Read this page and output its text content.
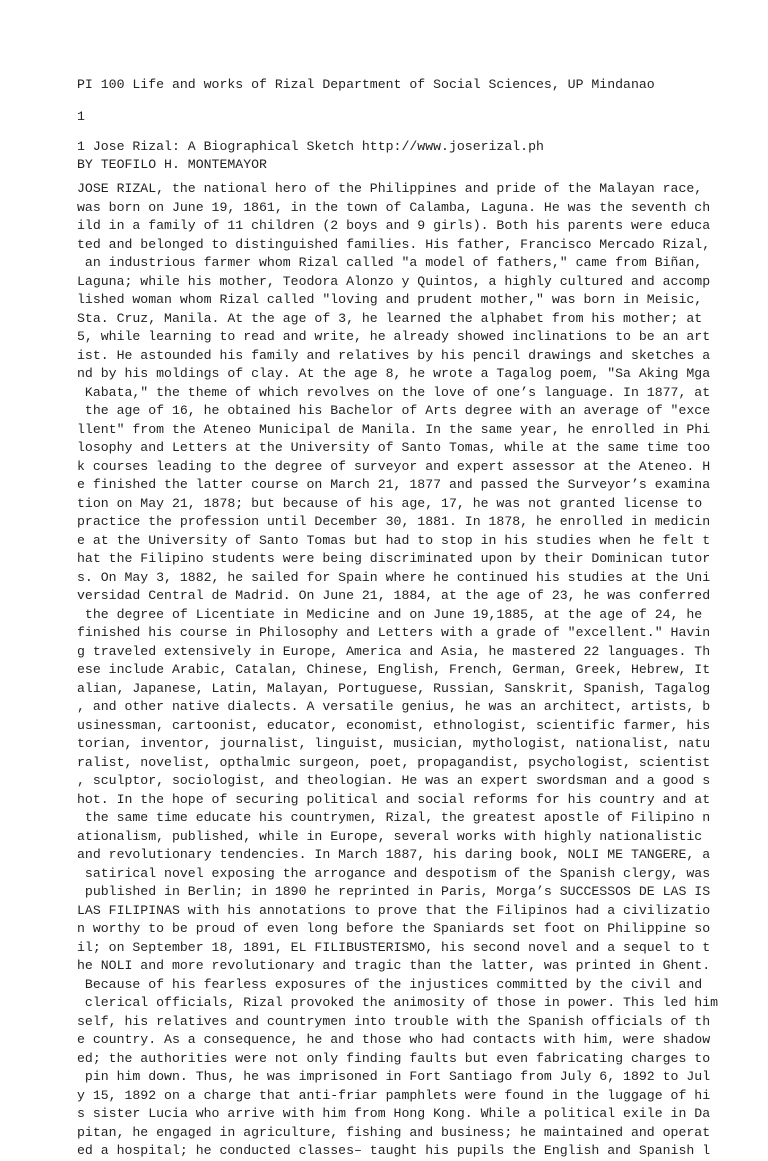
PI 100 Life and works of Rizal Department of Social Sciences, UP Mindanao
1
1 Jose Rizal: A Biographical Sketch http://www.joserizal.ph
BY TEOFILO H. MONTEMAYOR
JOSE RIZAL, the national hero of the Philippines and pride of the Malayan race,
was born on June 19, 1861, in the town of Calamba, Laguna. He was the seventh ch
ild in a family of 11 children (2 boys and 9 girls). Both his parents were educa
ted and belonged to distinguished families. His father, Francisco Mercado Rizal,
an industrious farmer whom Rizal called "a model of fathers," came from Biñan,
Laguna; while his mother, Teodora Alonzo y Quintos, a highly cultured and accomp
lished woman whom Rizal called "loving and prudent mother," was born in Meisic,
Sta. Cruz, Manila. At the age of 3, he learned the alphabet from his mother; at
5, while learning to read and write, he already showed inclinations to be an art
ist. He astounded his family and relatives by his pencil drawings and sketches a
nd by his moldings of clay. At the age 8, he wrote a Tagalog poem, "Sa Aking Mga
Kabata," the theme of which revolves on the love of one’s language. In 1877, at
the age of 16, he obtained his Bachelor of Arts degree with an average of "exce
llent" from the Ateneo Municipal de Manila. In the same year, he enrolled in Phi
losophy and Letters at the University of Santo Tomas, while at the same time too
k courses leading to the degree of surveyor and expert assessor at the Ateneo. H
e finished the latter course on March 21, 1877 and passed the Surveyor’s examina
tion on May 21, 1878; but because of his age, 17, he was not granted license to
practice the profession until December 30, 1881. In 1878, he enrolled in medicin
e at the University of Santo Tomas but had to stop in his studies when he felt t
hat the Filipino students were being discriminated upon by their Dominican tutor
s. On May 3, 1882, he sailed for Spain where he continued his studies at the Uni
versidad Central de Madrid. On June 21, 1884, at the age of 23, he was conferred
the degree of Licentiate in Medicine and on June 19,1885, at the age of 24, he
finished his course in Philosophy and Letters with a grade of "excellent." Havin
g traveled extensively in Europe, America and Asia, he mastered 22 languages. Th
ese include Arabic, Catalan, Chinese, English, French, German, Greek, Hebrew, It
alian, Japanese, Latin, Malayan, Portuguese, Russian, Sanskrit, Spanish, Tagalog
, and other native dialects. A versatile genius, he was an architect, artists, b
usinessman, cartoonist, educator, economist, ethnologist, scientific farmer, his
torian, inventor, journalist, linguist, musician, mythologist, nationalist, natu
ralist, novelist, opthalmic surgeon, poet, propagandist, psychologist, scientist
, sculptor, sociologist, and theologian. He was an expert swordsman and a good s
hot. In the hope of securing political and social reforms for his country and at
the same time educate his countrymen, Rizal, the greatest apostle of Filipino n
ationalism, published, while in Europe, several works with highly nationalistic
and revolutionary tendencies. In March 1887, his daring book, NOLI ME TANGERE, a
satirical novel exposing the arrogance and despotism of the Spanish clergy, was
published in Berlin; in 1890 he reprinted in Paris, Morga’s SUCCESSOS DE LAS IS
LAS FILIPINAS with his annotations to prove that the Filipinos had a civilizatio
n worthy to be proud of even long before the Spaniards set foot on Philippine so
il; on September 18, 1891, EL FILIBUSTERISMO, his second novel and a sequel to t
he NOLI and more revolutionary and tragic than the latter, was printed in Ghent.
Because of his fearless exposures of the injustices committed by the civil and
clerical officials, Rizal provoked the animosity of those in power. This led him
self, his relatives and countrymen into trouble with the Spanish officials of th
e country. As a consequence, he and those who had contacts with him, were shadow
ed; the authorities were not only finding faults but even fabricating charges to
pin him down. Thus, he was imprisoned in Fort Santiago from July 6, 1892 to Jul
y 15, 1892 on a charge that anti-friar pamphlets were found in the luggage of hi
s sister Lucia who arrive with him from Hong Kong. While a political exile in Da
pitan, he engaged in agriculture, fishing and business; he maintained and operat
ed a hospital; he conducted classes– taught his pupils the English and Spanish l
